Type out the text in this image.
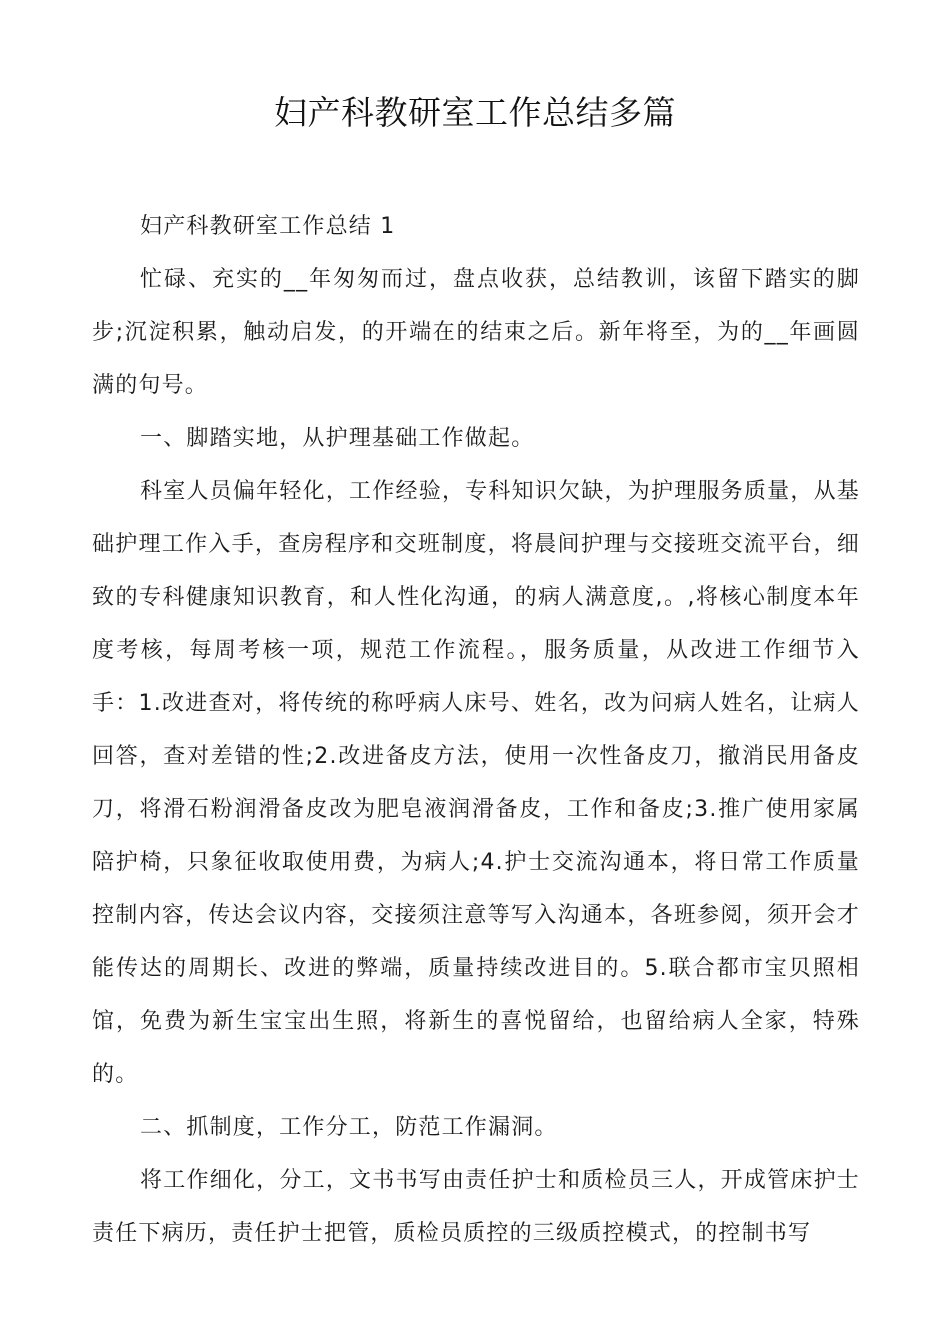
妇产科教研室工作总结多篇

妇产科教研室工作总结 1

忙碌、充实的__年匆匆而过，盘点收获，总结教训，该留下踏实的脚步;沉淀积累，触动启发，的开端在的结束之后。新年将至，为的__年画圆满的句号。

一、脚踏实地，从护理基础工作做起。

科室人员偏年轻化，工作经验，专科知识欠缺，为护理服务质量，从基础护理工作入手，查房程序和交班制度，将晨间护理与交接班交流平台，细致的专科健康知识教育，和人性化沟通，的病人满意度,。,将核心制度本年度考核，每周考核一项，规范工作流程。，服务质量，从改进工作细节入手：1.改进查对，将传统的称呼病人床号、姓名，改为问病人姓名，让病人回答，查对差错的性;2.改进备皮方法，使用一次性备皮刀，撤消民用备皮刀，将滑石粉润滑备皮改为肥皂液润滑备皮，工作和备皮;3.推广使用家属陪护椅，只象征收取使用费，为病人;4.护士交流沟通本，将日常工作质量控制内容，传达会议内容，交接须注意等写入沟通本，各班参阅，须开会才能传达的周期长、改进的弊端，质量持续改进目的。5.联合都市宝贝照相馆，免费为新生宝宝出生照，将新生的喜悦留给，也留给病人全家，特殊的。

二、抓制度，工作分工，防范工作漏洞。

将工作细化，分工，文书书写由责任护士和质检员三人，开成管床护士责任下病历，责任护士把管，质检员质控的三级质控模式，的控制书写
